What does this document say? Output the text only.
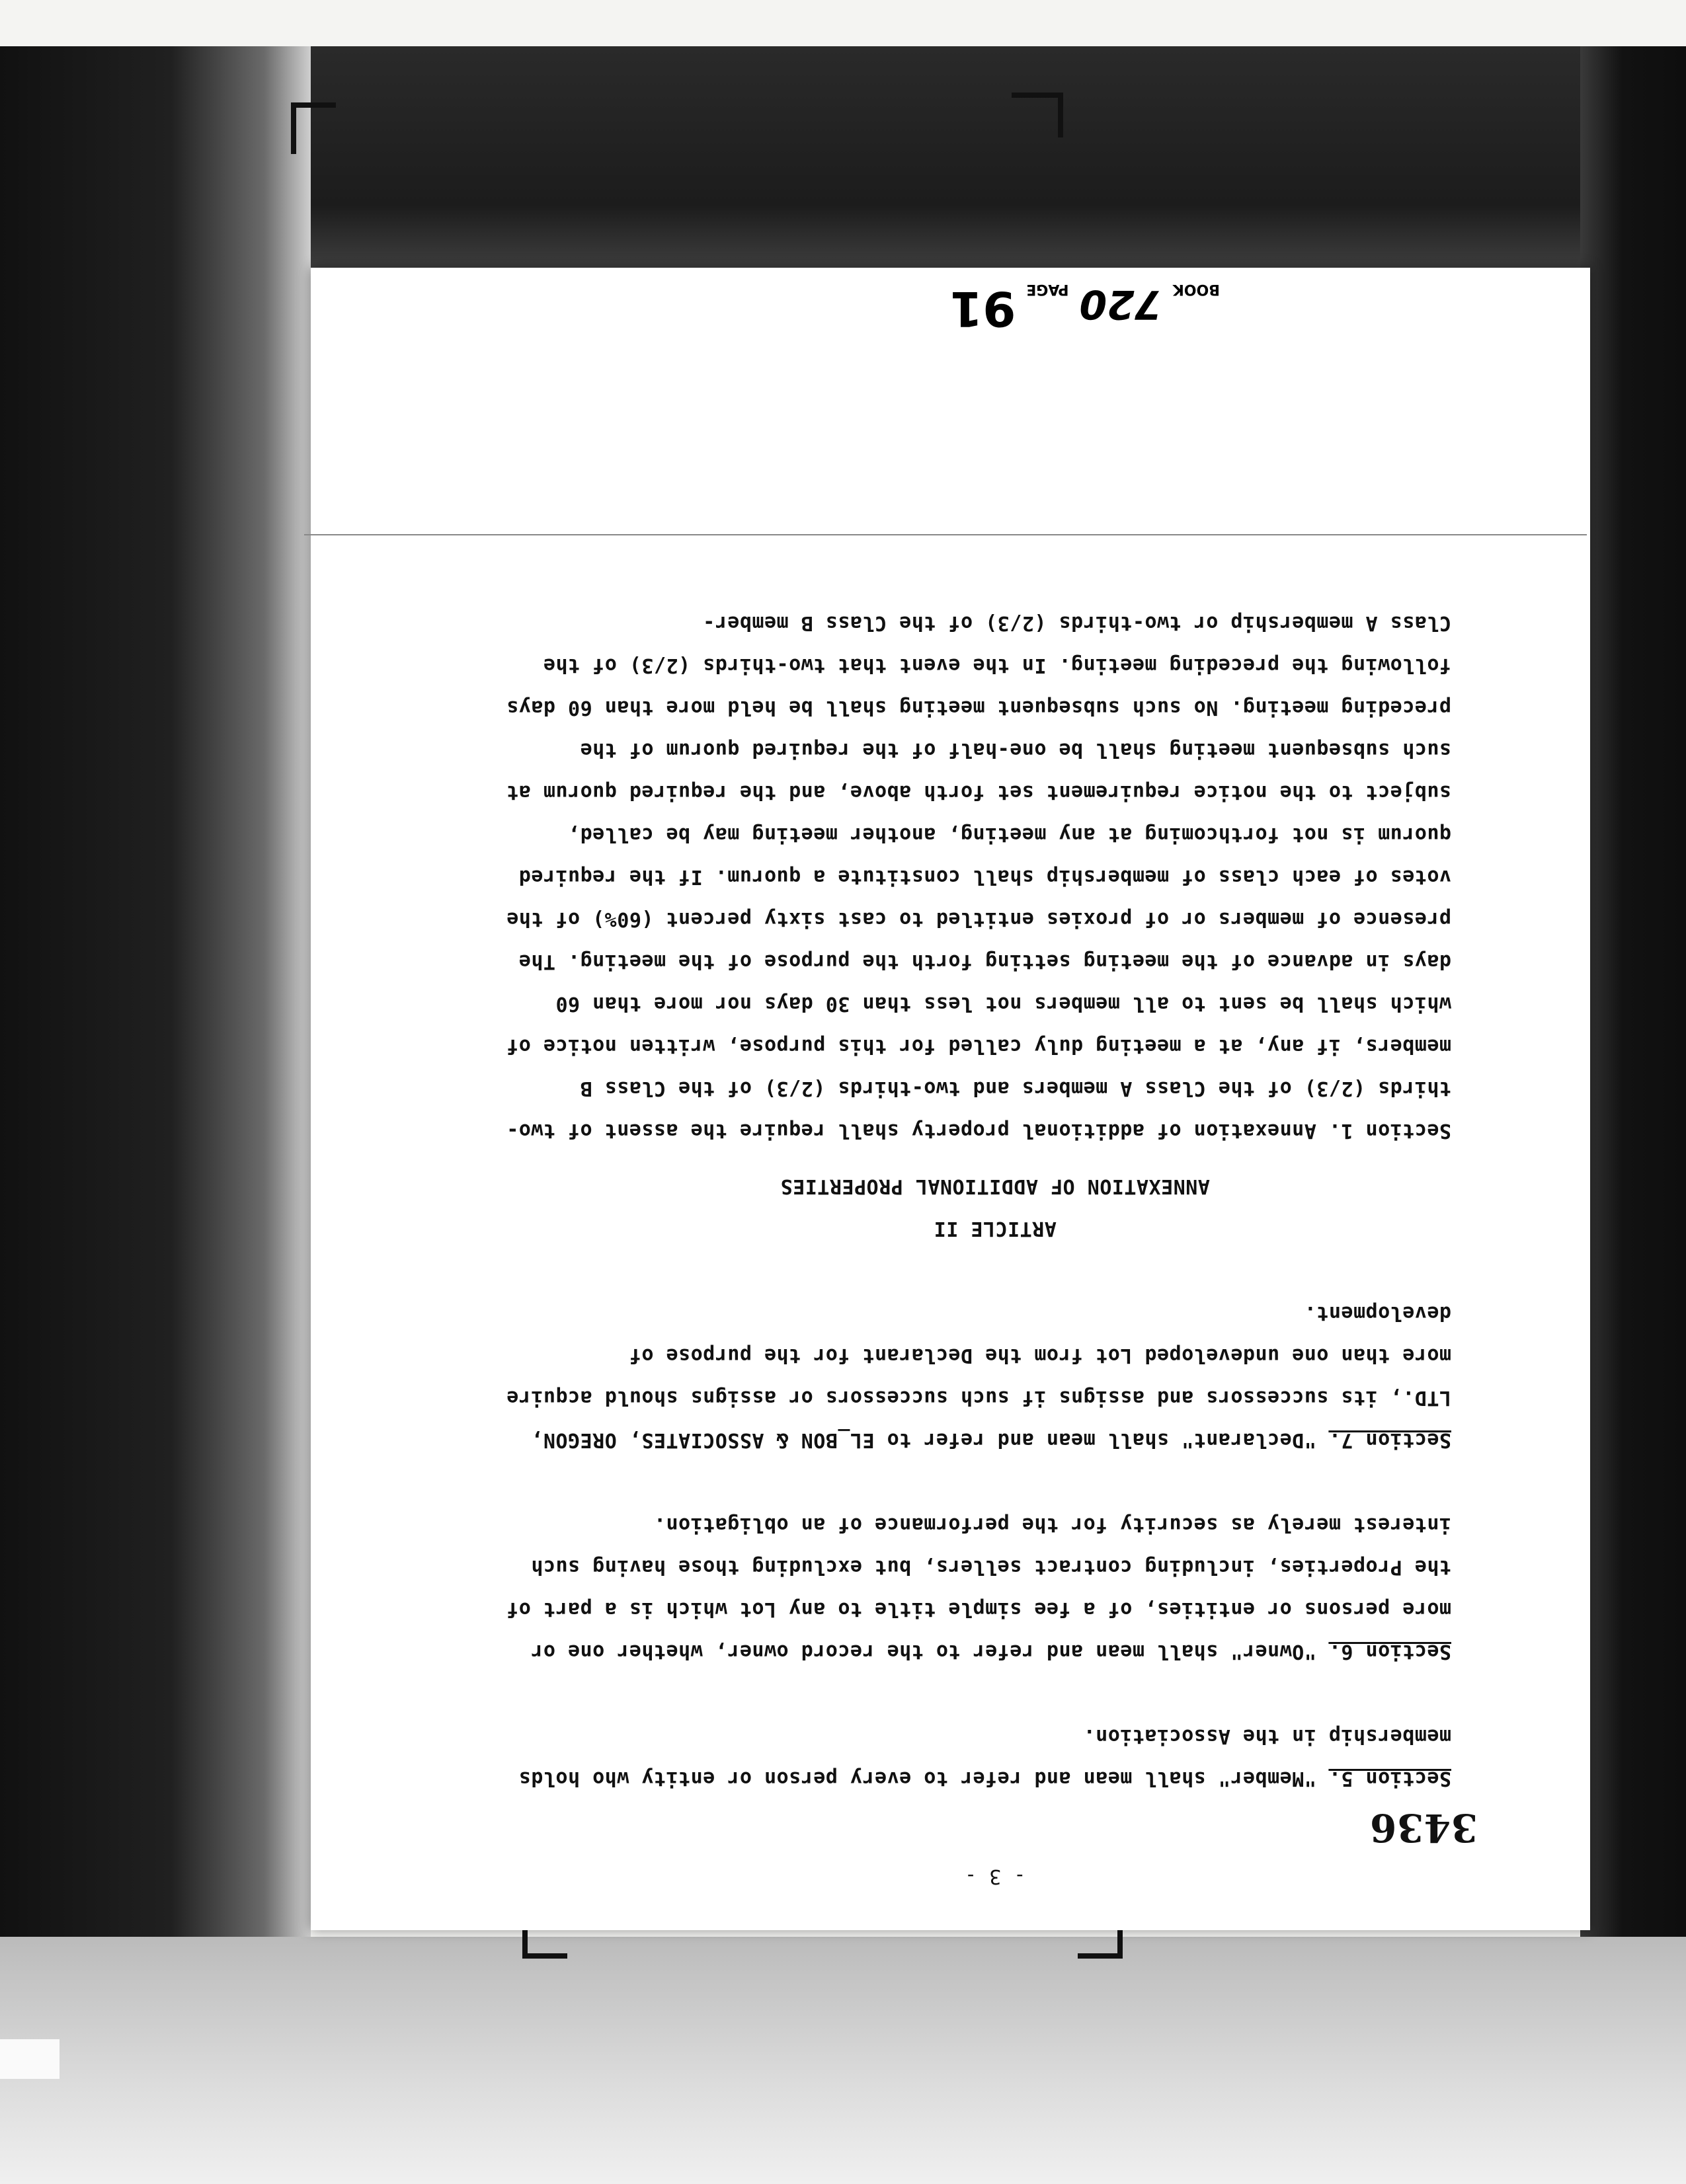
- 3 -
3436

Section 5. "Member" shall mean and refer to every person or entity who holds membership in the Association.

Section 6. "Owner" shall mean and refer to the record owner, whether one or more persons or entities, of a fee simple title to any Lot which is a part of the Properties, including contract sellers, but excluding those having such interest merely as security for the performance of an obligation.

Section 7. "Declarant" shall mean and refer to EL_BON & ASSOCIATES, OREGON, LTD., its successors and assigns if such successors or assigns should acquire more than one undeveloped Lot from the Declarant for the purpose of development.

ARTICLE II

ANNEXATION OF ADDITIONAL PROPERTIES

Section 1. Annexation of additional property shall require the assent of two-thirds (2/3) of the Class A members and two-thirds (2/3) of the Class B members, if any, at a meeting duly called for this purpose, written notice of which shall be sent to all members not less than 30 days nor more than 60 days in advance of the meeting setting forth the purpose of the meeting. The presence of members or of proxies entitled to cast sixty percent (60%) of the votes of each class of membership shall constitute a quorum. If the required quorum is not forthcoming at any meeting, another meeting may be called, subject to the notice requirement set forth above, and the required quorum at such subsequent meeting shall be one-half of the required quorum of the preceding meeting. No such subsequent meeting shall be held more than 60 days following the preceding meeting. In the event that two-thirds (2/3) of the Class A membership or two-thirds (2/3) of the Class B member-

BOOK
720
PAGE
91
